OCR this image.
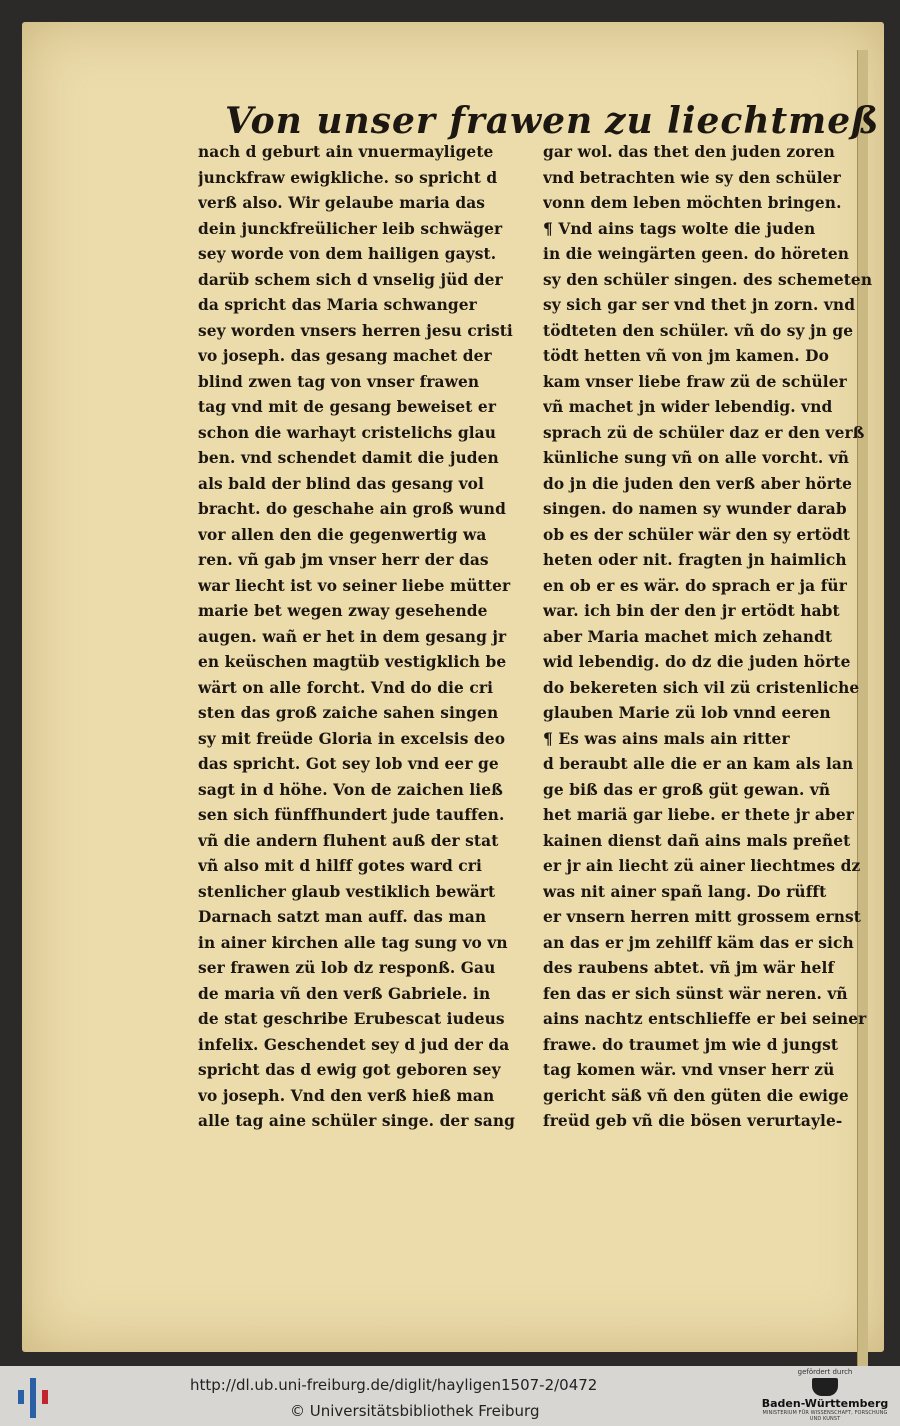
Von unser frawen zu liechtmeß
nach d geburt ain vnuermayligete
junckfraw ewigkliche. so spricht d
verß also. Wir gelaube maria das
dein junckfreülicher leib schwäger
sey worde von dem hailigen gayst.
darüb schem sich d vnselig jüd der
da spricht das Maria schwanger
sey worden vnsers herren jesu cristi
vo joseph. das gesang machet der
blind zwen tag von vnser frawen
tag vnd mit de gesang beweiset er
schon die warhayt cristelichs glau
ben. vnd schendet damit die juden
als bald der blind das gesang vol
bracht. do geschahe ain groß wund
vor allen den die gegenwertig wa
ren. vñ gab jm vnser herr der das
war liecht ist vo seiner liebe mütter
marie bet wegen zway gesehende
augen. wañ er het in dem gesang jr
en keüschen magtüb vestigklich be
wärt on alle forcht. Vnd do die cri
sten das groß zaiche sahen singen
sy mit freüde Gloria in excelsis deo
das spricht. Got sey lob vnd eer ge
sagt in d höhe. Von de zaichen ließ
sen sich fünffhundert jude tauffen.
vñ die andern fluhent auß der stat
vñ also mit d hilff gotes ward cri
stenlicher glaub vestiklich bewärt
Darnach satzt man auff. das man
in ainer kirchen alle tag sung vo vn
ser frawen zü lob dz responß. Gau
de maria vñ den verß Gabriele. in
de stat geschribe Erubescat iudeus
infelix. Geschendet sey d jud der da
spricht das d ewig got geboren sey
vo joseph. Vnd den verß hieß man
alle tag aine schüler singe. der sang
gar wol. das thet den juden zoren
vnd betrachten wie sy den schüler
vonn dem leben möchten bringen.
¶ Vnd ains tags wolte die juden
in die weingärten geen. do höreten
sy den schüler singen. des schemeten
sy sich gar ser vnd thet jn zorn. vnd
tödteten den schüler. vñ do sy jn ge
tödt hetten vñ von jm kamen. Do
kam vnser liebe fraw zü de schüler
vñ machet jn wider lebendig. vnd
sprach zü de schüler daz er den verß
künliche sung vñ on alle vorcht. vñ
do jn die juden den verß aber hörte
singen. do namen sy wunder darab
ob es der schüler wär den sy ertödt
heten oder nit. fragten jn haimlich
en ob er es wär. do sprach er ja für
war. ich bin der den jr ertödt habt
aber Maria machet mich zehandt
wid lebendig. do dz die juden hörte
do bekereten sich vil zü cristenliche
glauben Marie zü lob vnnd eeren
¶ Es was ains mals ain ritter
d beraubt alle die er an kam als lan
ge biß das er groß güt gewan. vñ
het mariä gar liebe. er thete jr aber
kainen dienst dañ ains mals preñet
er jr ain liecht zü ainer liechtmes dz
was nit ainer spañ lang. Do rüfft
er vnsern herren mitt grossem ernst
an das er jm zehilff käm das er sich
des raubens abtet. vñ jm wär helf
fen das er sich sünst wär neren. vñ
ains nachtz entschlieffe er bei seiner
frawe. do traumet jm wie d jungst
tag komen wär. vnd vnser herr zü
gericht säß vñ den güten die ewige
freüd geb vñ die bösen verurtayle-
http://dl.ub.uni-freiburg.de/diglit/hayligen1507-2/0472
© Universitätsbibliothek Freiburg
gefördert durch
Baden-Württemberg
MINISTERIUM FÜR WISSENSCHAFT, FORSCHUNG UND KUNST
